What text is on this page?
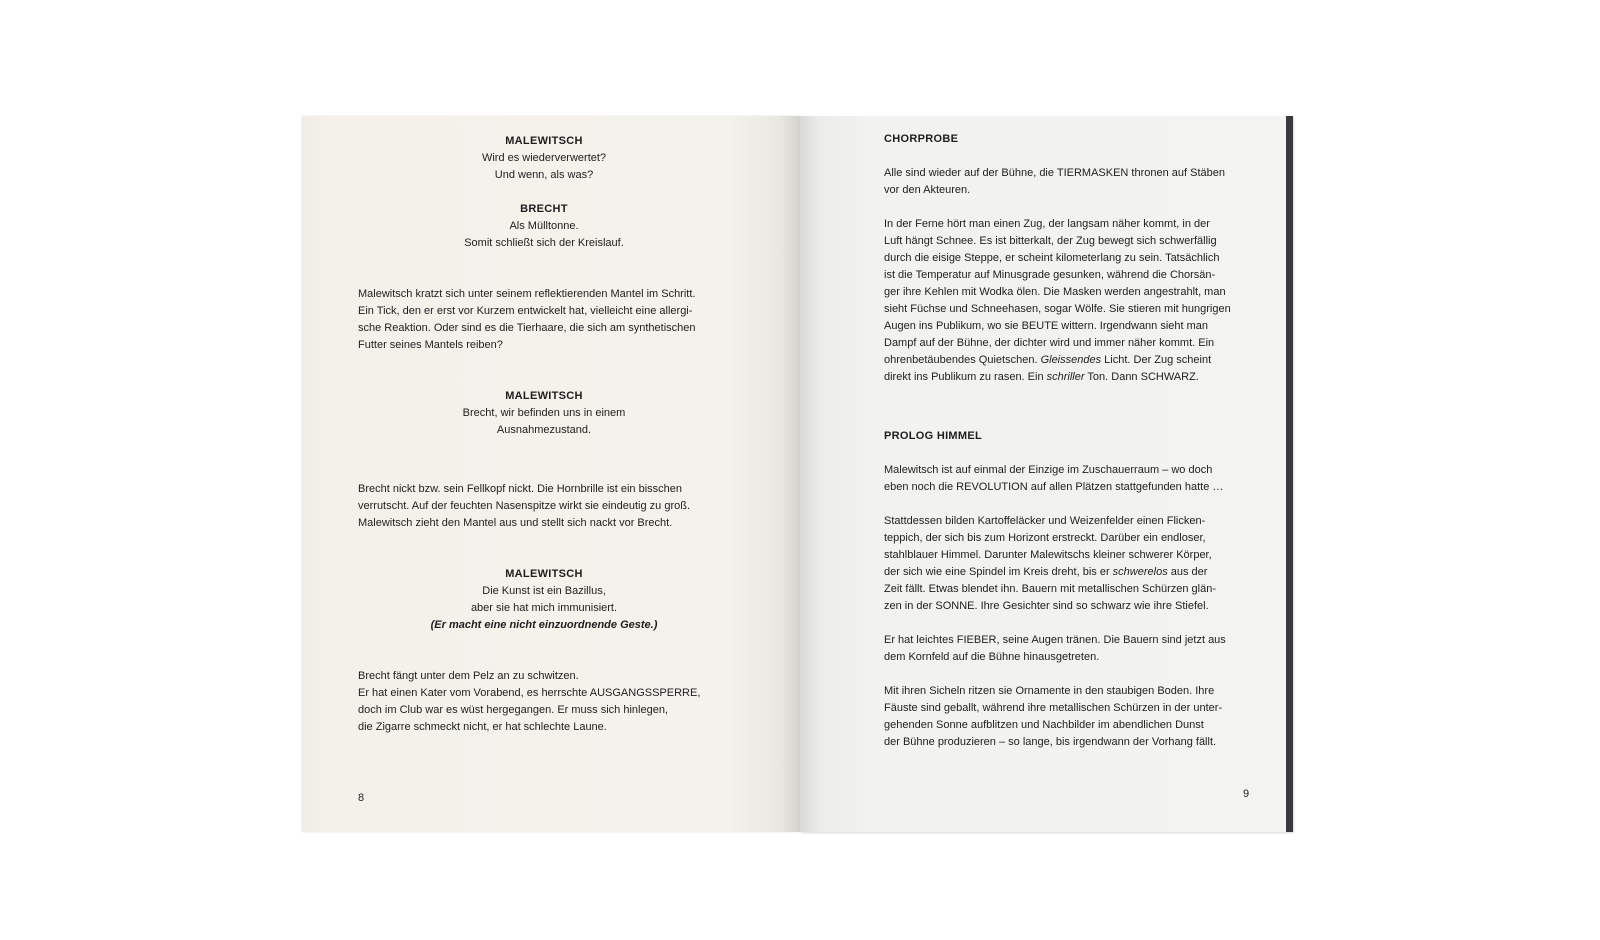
MALEWITSCH
Wird es wiederverwertet?
Und wenn, als was?
BRECHT
Als Mülltonne.
Somit schließt sich der Kreislauf.

Malewitsch kratzt sich unter seinem reflektierenden Mantel im Schritt.
Ein Tick, den er erst vor Kurzem entwickelt hat, vielleicht eine allergi-
sche Reaktion. Oder sind es die Tierhaare, die sich am synthetischen
Futter seines Mantels reiben?

MALEWITSCH
Brecht, wir befinden uns in einem
Ausnahmezustand.

Brecht nickt bzw. sein Fellkopf nickt. Die Hornbrille ist ein bisschen
verrutscht. Auf der feuchten Nasenspitze wirkt sie eindeutig zu groß.
Malewitsch zieht den Mantel aus und stellt sich nackt vor Brecht.

MALEWITSCH
Die Kunst ist ein Bazillus,
aber sie hat mich immunisiert.
(Er macht eine nicht einzuordnende Geste.)

Brecht fängt unter dem Pelz an zu schwitzen.
Er hat einen Kater vom Vorabend, es herrschte AUSGANGSSPERRE,
doch im Club war es wüst hergegangen. Er muss sich hinlegen,
die Zigarre schmeckt nicht, er hat schlechte Laune.

8
CHORPROBE

Alle sind wieder auf der Bühne, die TIERMASKEN thronen auf Stäben
vor den Akteuren.

In der Ferne hört man einen Zug, der langsam näher kommt, in der
Luft hängt Schnee. Es ist bitterkalt, der Zug bewegt sich schwerfällig
durch die eisige Steppe, er scheint kilometerlang zu sein. Tatsächlich
ist die Temperatur auf Minusgrade gesunken, während die Chorsän-
ger ihre Kehlen mit Wodka ölen. Die Masken werden angestrahlt, man
sieht Füchse und Schneehasen, sogar Wölfe. Sie stieren mit hungrigen
Augen ins Publikum, wo sie BEUTE wittern. Irgendwann sieht man
Dampf auf der Bühne, der dichter wird und immer näher kommt. Ein
ohrenbetäubendes Quietschen. Gleissendes Licht. Der Zug scheint
direkt ins Publikum zu rasen. Ein schriller Ton. Dann SCHWARZ.

PROLOG HIMMEL

Malewitsch ist auf einmal der Einzige im Zuschauerraum – wo doch
eben noch die REVOLUTION auf allen Plätzen stattgefunden hatte …

Stattdessen bilden Kartoffeläcker und Weizenfelder einen Flicken-
teppich, der sich bis zum Horizont erstreckt. Darüber ein endloser,
stahlblauer Himmel. Darunter Malewitschs kleiner schwerer Körper,
der sich wie eine Spindel im Kreis dreht, bis er schwerelos aus der
Zeit fällt. Etwas blendet ihn. Bauern mit metallischen Schürzen glän-
zen in der SONNE. Ihre Gesichter sind so schwarz wie ihre Stiefel.

Er hat leichtes FIEBER, seine Augen tränen. Die Bauern sind jetzt aus
dem Kornfeld auf die Bühne hinausgetreten.

Mit ihren Sicheln ritzen sie Ornamente in den staubigen Boden. Ihre
Fäuste sind geballt, während ihre metallischen Schürzen in der unter-
gehenden Sonne aufblitzen und Nachbilder im abendlichen Dunst
der Bühne produzieren – so lange, bis irgendwann der Vorhang fällt.

9
